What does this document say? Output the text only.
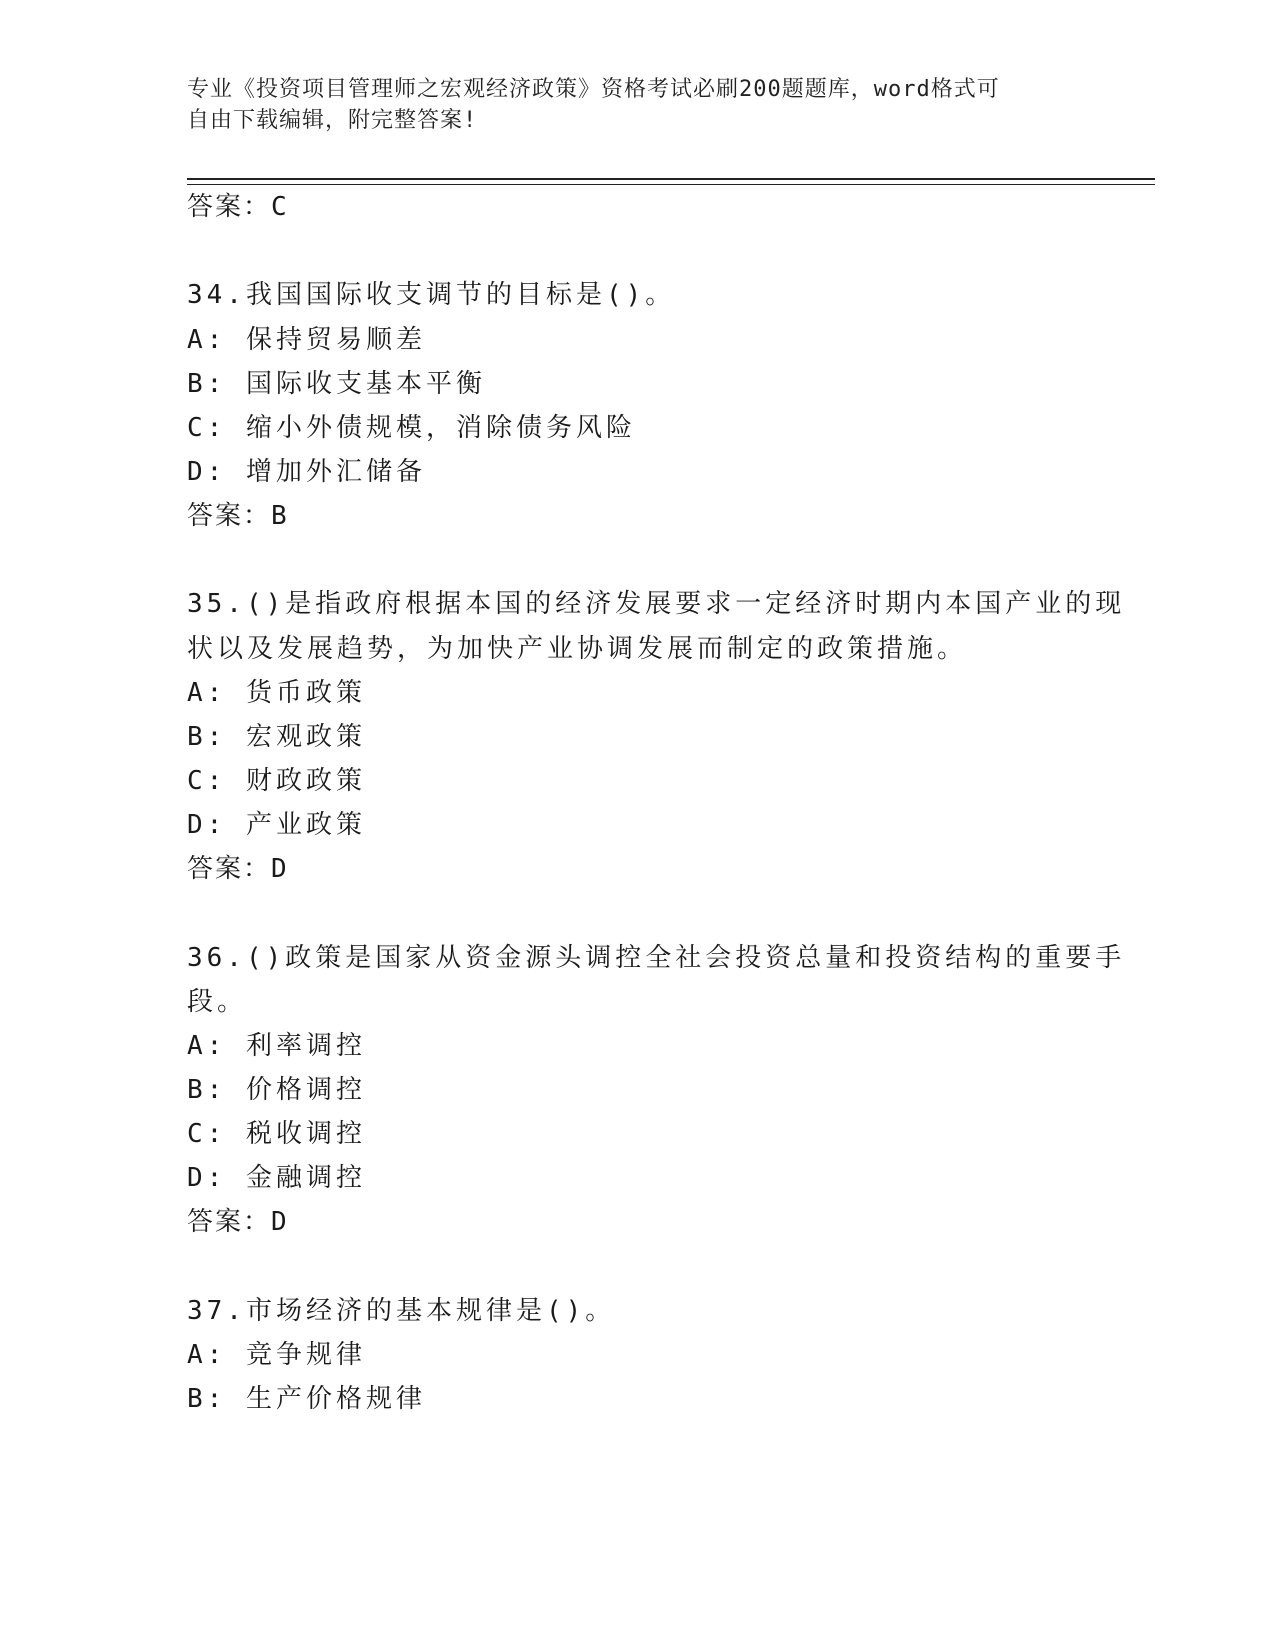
专业《投资项目管理师之宏观经济政策》资格考试必刷200题题库，word格式可
自由下载编辑，附完整答案!
答案：C
34.我国国际收支调节的目标是()。
A: 保持贸易顺差
B: 国际收支基本平衡
C: 缩小外债规模，消除债务风险
D: 增加外汇储备
答案：B
35.()是指政府根据本国的经济发展要求一定经济时期内本国产业的现
状以及发展趋势，为加快产业协调发展而制定的政策措施。
A: 货币政策
B: 宏观政策
C: 财政政策
D: 产业政策
答案：D
36.()政策是国家从资金源头调控全社会投资总量和投资结构的重要手
段。
A: 利率调控
B: 价格调控
C: 税收调控
D: 金融调控
答案：D
37.市场经济的基本规律是()。
A: 竞争规律
B: 生产价格规律
